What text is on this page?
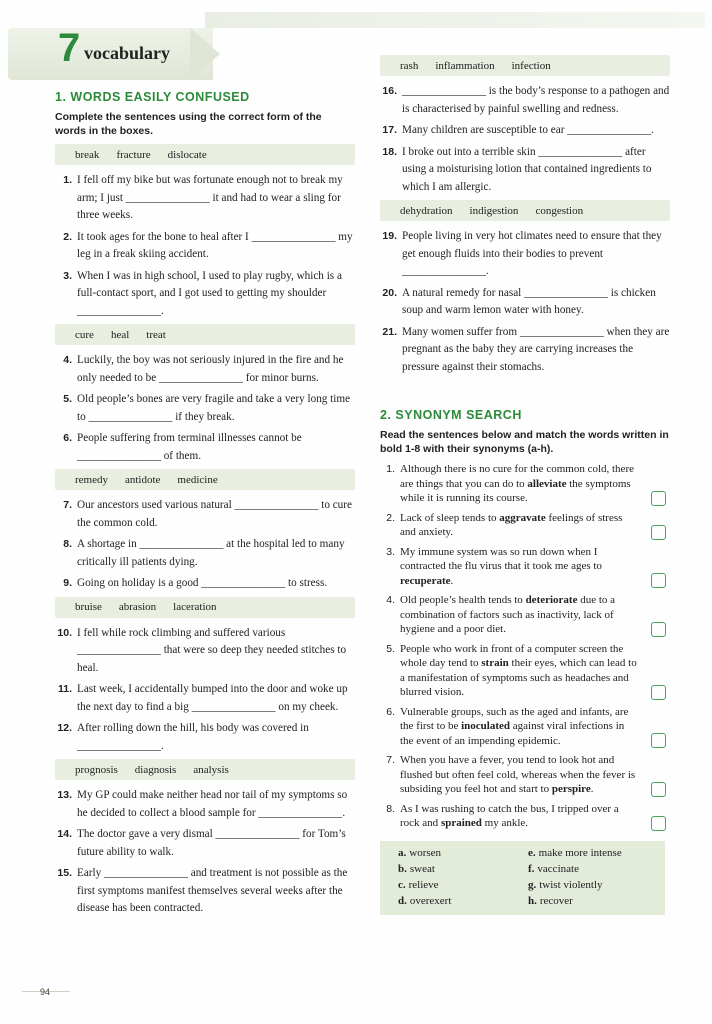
7 vocabulary
1. WORDS EASILY CONFUSED
Complete the sentences using the correct form of the words in the boxes.
break fracture dislocate
1. I fell off my bike but was fortunate enough not to break my arm; I just _______________ it and had to wear a sling for three weeks.
2. It took ages for the bone to heal after I _______________ my leg in a freak skiing accident.
3. When I was in high school, I used to play rugby, which is a full-contact sport, and I got used to getting my shoulder _______________.
cure heal treat
4. Luckily, the boy was not seriously injured in the fire and he only needed to be _______________ for minor burns.
5. Old people’s bones are very fragile and take a very long time to _______________ if they break.
6. People suffering from terminal illnesses cannot be _______________ of them.
remedy antidote medicine
7. Our ancestors used various natural _______________ to cure the common cold.
8. A shortage in _______________ at the hospital led to many critically ill patients dying.
9. Going on holiday is a good _______________ to stress.
bruise abrasion laceration
10. I fell while rock climbing and suffered various _______________ that were so deep they needed stitches to heal.
11. Last week, I accidentally bumped into the door and woke up the next day to find a big _______________ on my cheek.
12. After rolling down the hill, his body was covered in _______________.
prognosis diagnosis analysis
13. My GP could make neither head nor tail of my symptoms so he decided to collect a blood sample for _______________.
14. The doctor gave a very dismal _______________ for Tom’s future ability to walk.
15. Early _______________ and treatment is not possible as the first symptoms manifest themselves several weeks after the disease has been contracted.
rash inflammation infection
16. _______________ is the body’s response to a pathogen and is characterised by painful swelling and redness.
17. Many children are susceptible to ear _______________.
18. I broke out into a terrible skin _______________ after using a moisturising lotion that contained ingredients to which I am allergic.
dehydration indigestion congestion
19. People living in very hot climates need to ensure that they get enough fluids into their bodies to prevent _______________.
20. A natural remedy for nasal _______________ is chicken soup and warm lemon water with honey.
21. Many women suffer from _______________ when they are pregnant as the baby they are carrying increases the pressure against their stomachs.
2. SYNONYM SEARCH
Read the sentences below and match the words written in bold 1-8 with their synonyms (a-h).
1. Although there is no cure for the common cold, there are things that you can do to alleviate the symptoms while it is running its course.
2. Lack of sleep tends to aggravate feelings of stress and anxiety.
3. My immune system was so run down when I contracted the flu virus that it took me ages to recuperate.
4. Old people’s health tends to deteriorate due to a combination of factors such as inactivity, lack of hygiene and a poor diet.
5. People who work in front of a computer screen the whole day tend to strain their eyes, which can lead to a manifestation of symptoms such as headaches and blurred vision.
6. Vulnerable groups, such as the aged and infants, are the first to be inoculated against viral infections in the event of an impending epidemic.
7. When you have a fever, you tend to look hot and flushed but often feel cold, whereas when the fever is subsiding you feel hot and start to perspire.
8. As I was rushing to catch the bus, I tripped over a rock and sprained my ankle.
a. worsen	e. make more intense
b. sweat	f. vaccinate
c. relieve	g. twist violently
d. overexert	h. recover
94
